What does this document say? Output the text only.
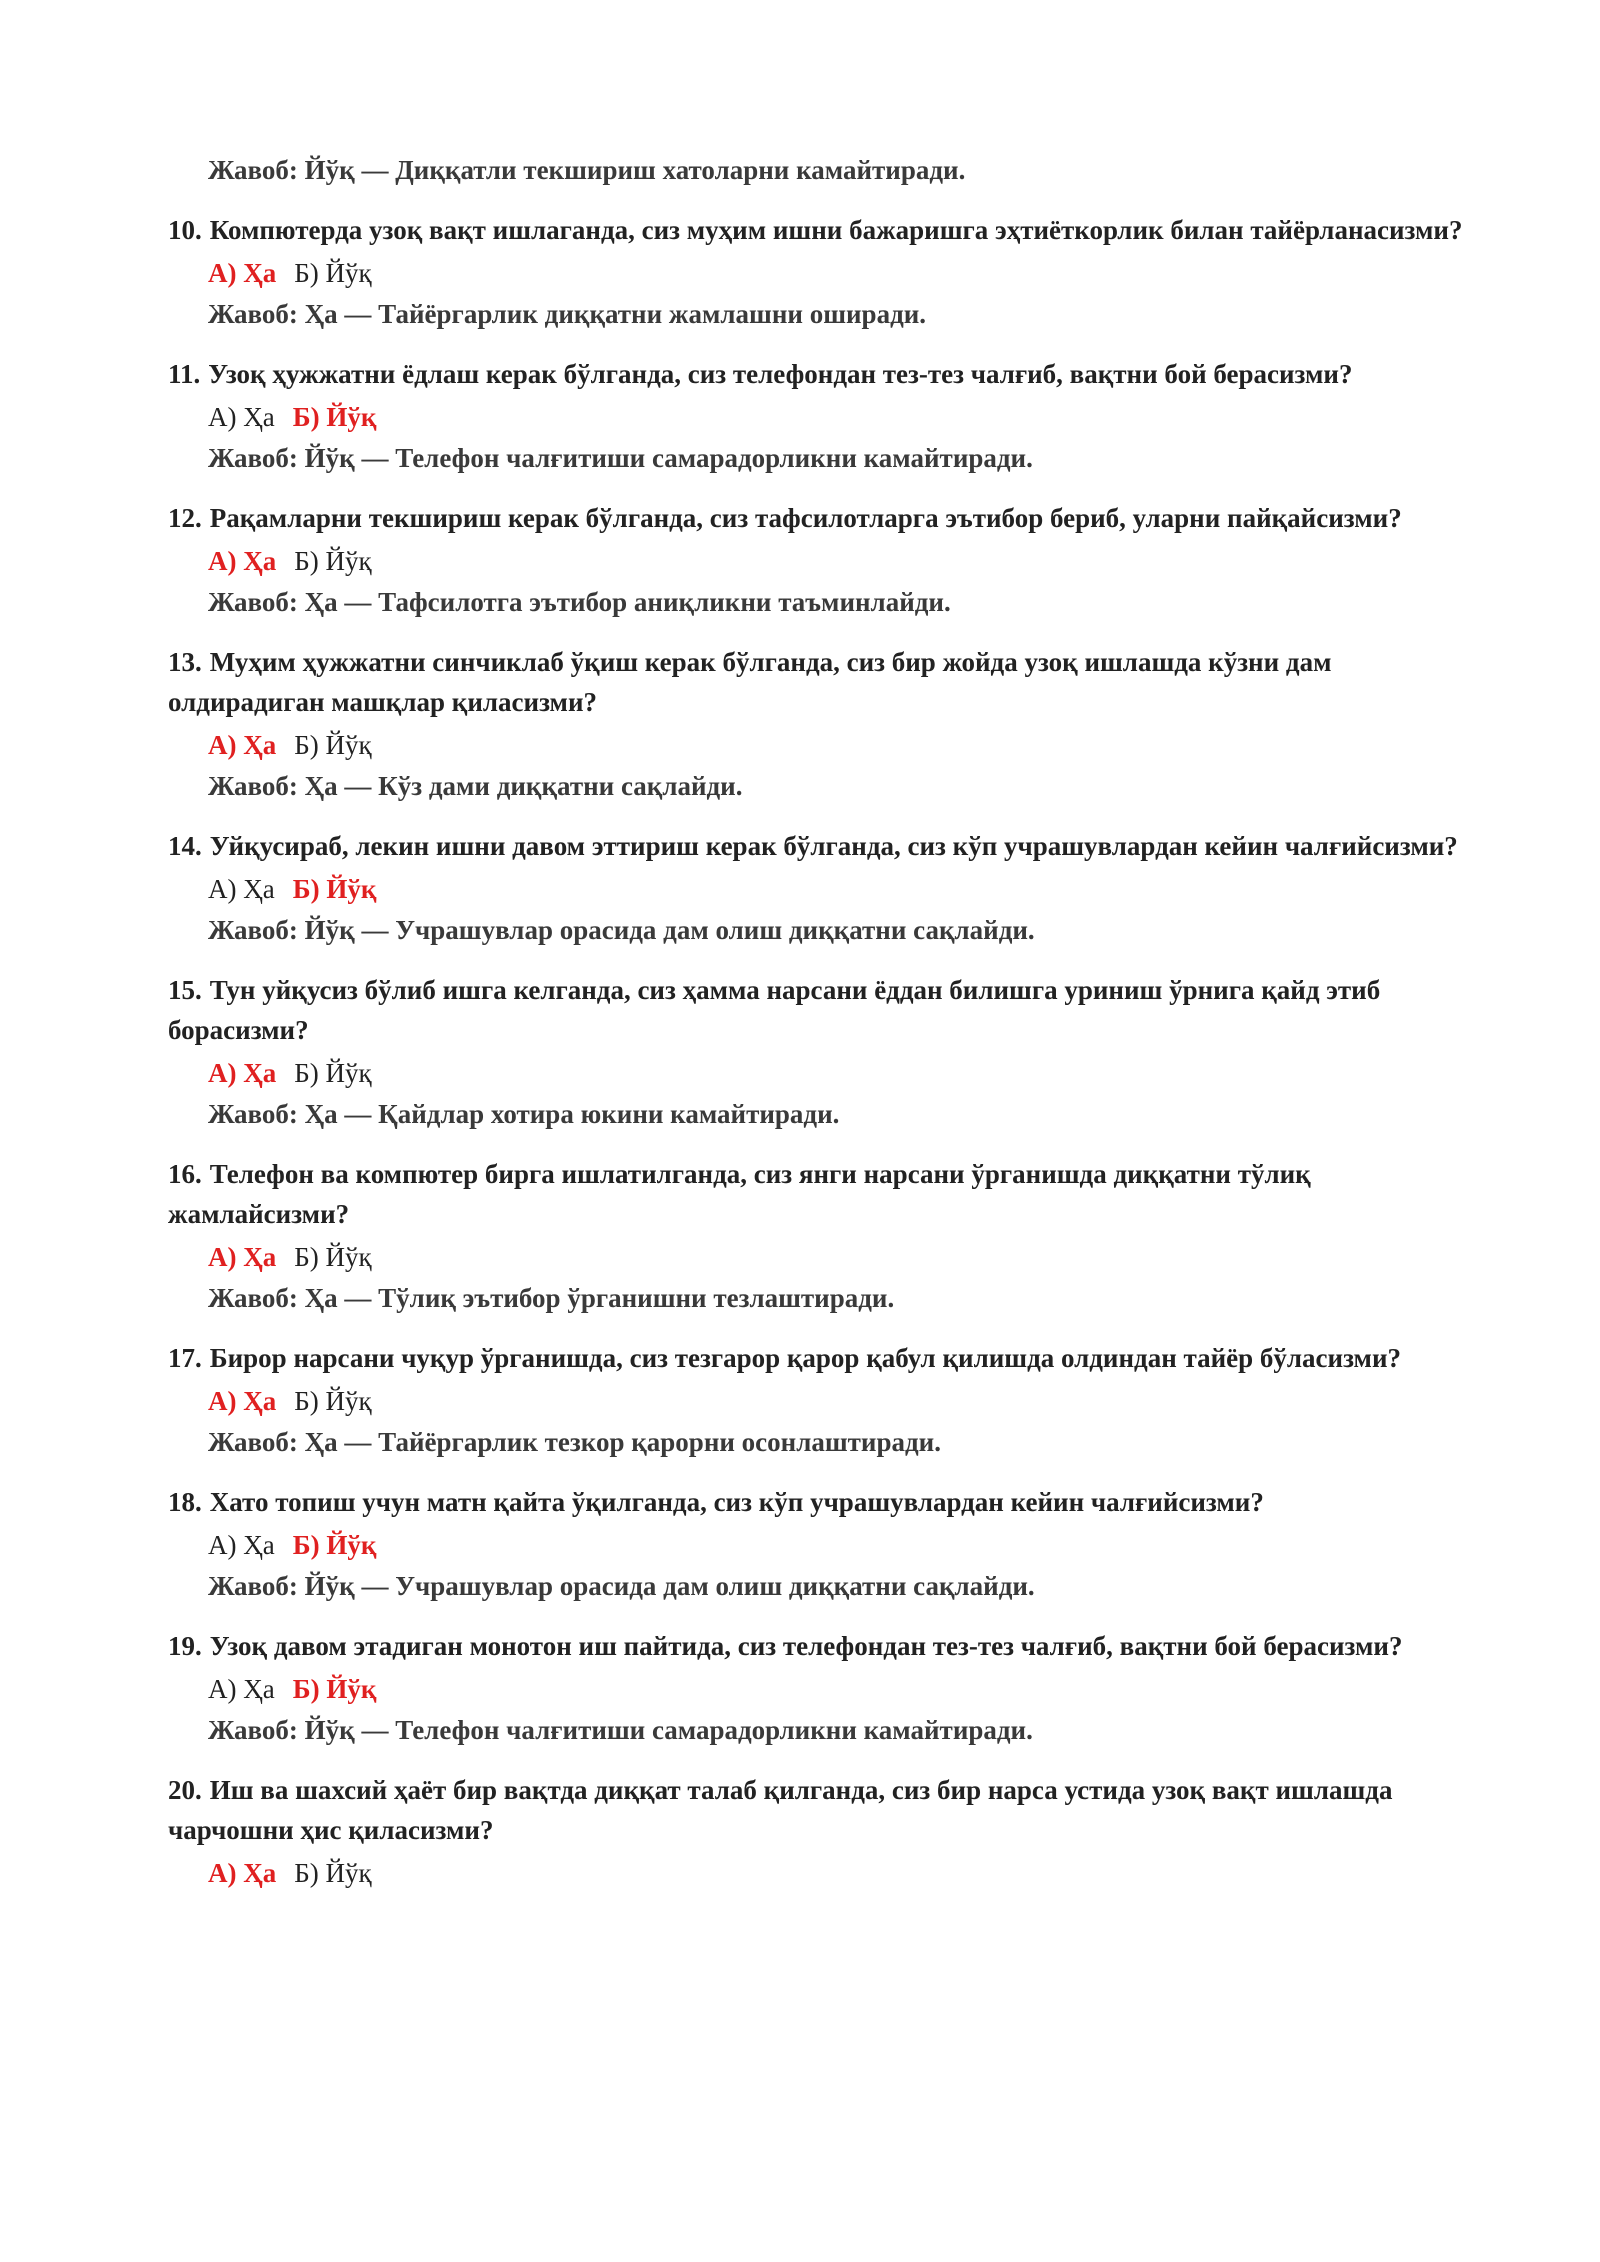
Жавоб: Йўқ — Диққатли текшириш хатоларни камайтиради.
10. Компютерда узоқ вақт ишлаганда, сиз муҳим ишни бажаришга эҳтиёткорлик билан тайёрланасизми?
А) Ҳа Б) Йўқ
Жавоб: Ҳа — Тайёргарлик диққатни жамлашни оширади.
11. Узоқ ҳужжатни ёдлаш керак бўлганда, сиз телефондан тез-тез чалғиб, вақтни бой берасизми?
А) Ҳа Б) Йўқ
Жавоб: Йўқ — Телефон чалғитиши самарадорликни камайтиради.
12. Рақамларни текшириш керак бўлганда, сиз тафсилотларга эътибор бериб, уларни пайқайсизми?
А) Ҳа Б) Йўқ
Жавоб: Ҳа — Тафсилотга эътибор аниқликни таъминлайди.
13. Муҳим ҳужжатни синчиклаб ўқиш керак бўлганда, сиз бир жойда узоқ ишлашда кўзни дам олдирадиган машқлар қиласизми?
А) Ҳа Б) Йўқ
Жавоб: Ҳа — Кўз дами диққатни сақлайди.
14. Уйқусираб, лекин ишни давом эттириш керак бўлганда, сиз кўп учрашувлардан кейин чалғийсизми?
А) Ҳа Б) Йўқ
Жавоб: Йўқ — Учрашувлар орасида дам олиш диққатни сақлайди.
15. Тун уйқусиз бўлиб ишга келганда, сиз ҳамма нарсани ёддан билишга уриниш ўрнига қайд этиб борасизми?
А) Ҳа Б) Йўқ
Жавоб: Ҳа — Қайдлар хотира юкини камайтиради.
16. Телефон ва компютер бирга ишлатилганда, сиз янги нарсани ўрганишда диққатни тўлиқ жамлайсизми?
А) Ҳа Б) Йўқ
Жавоб: Ҳа — Тўлиқ эътибор ўрганишни тезлаштиради.
17. Бирор нарсани чуқур ўрганишда, сиз тезгарор қарор қабул қилишда олдиндан тайёр бўласизми?
А) Ҳа Б) Йўқ
Жавоб: Ҳа — Тайёргарлик тезкор қарорни осонлаштиради.
18. Хато топиш учун матн қайта ўқилганда, сиз кўп учрашувлардан кейин чалғийсизми?
А) Ҳа Б) Йўқ
Жавоб: Йўқ — Учрашувлар орасида дам олиш диққатни сақлайди.
19. Узоқ давом этадиган монотон иш пайтида, сиз телефондан тез-тез чалғиб, вақтни бой берасизми?
А) Ҳа Б) Йўқ
Жавоб: Йўқ — Телефон чалғитиши самарадорликни камайтиради.
20. Иш ва шахсий ҳаёт бир вақтда диққат талаб қилганда, сиз бир нарса устида узоқ вақт ишлашда чарчошни ҳис қиласизми?
А) Ҳа Б) Йўқ
